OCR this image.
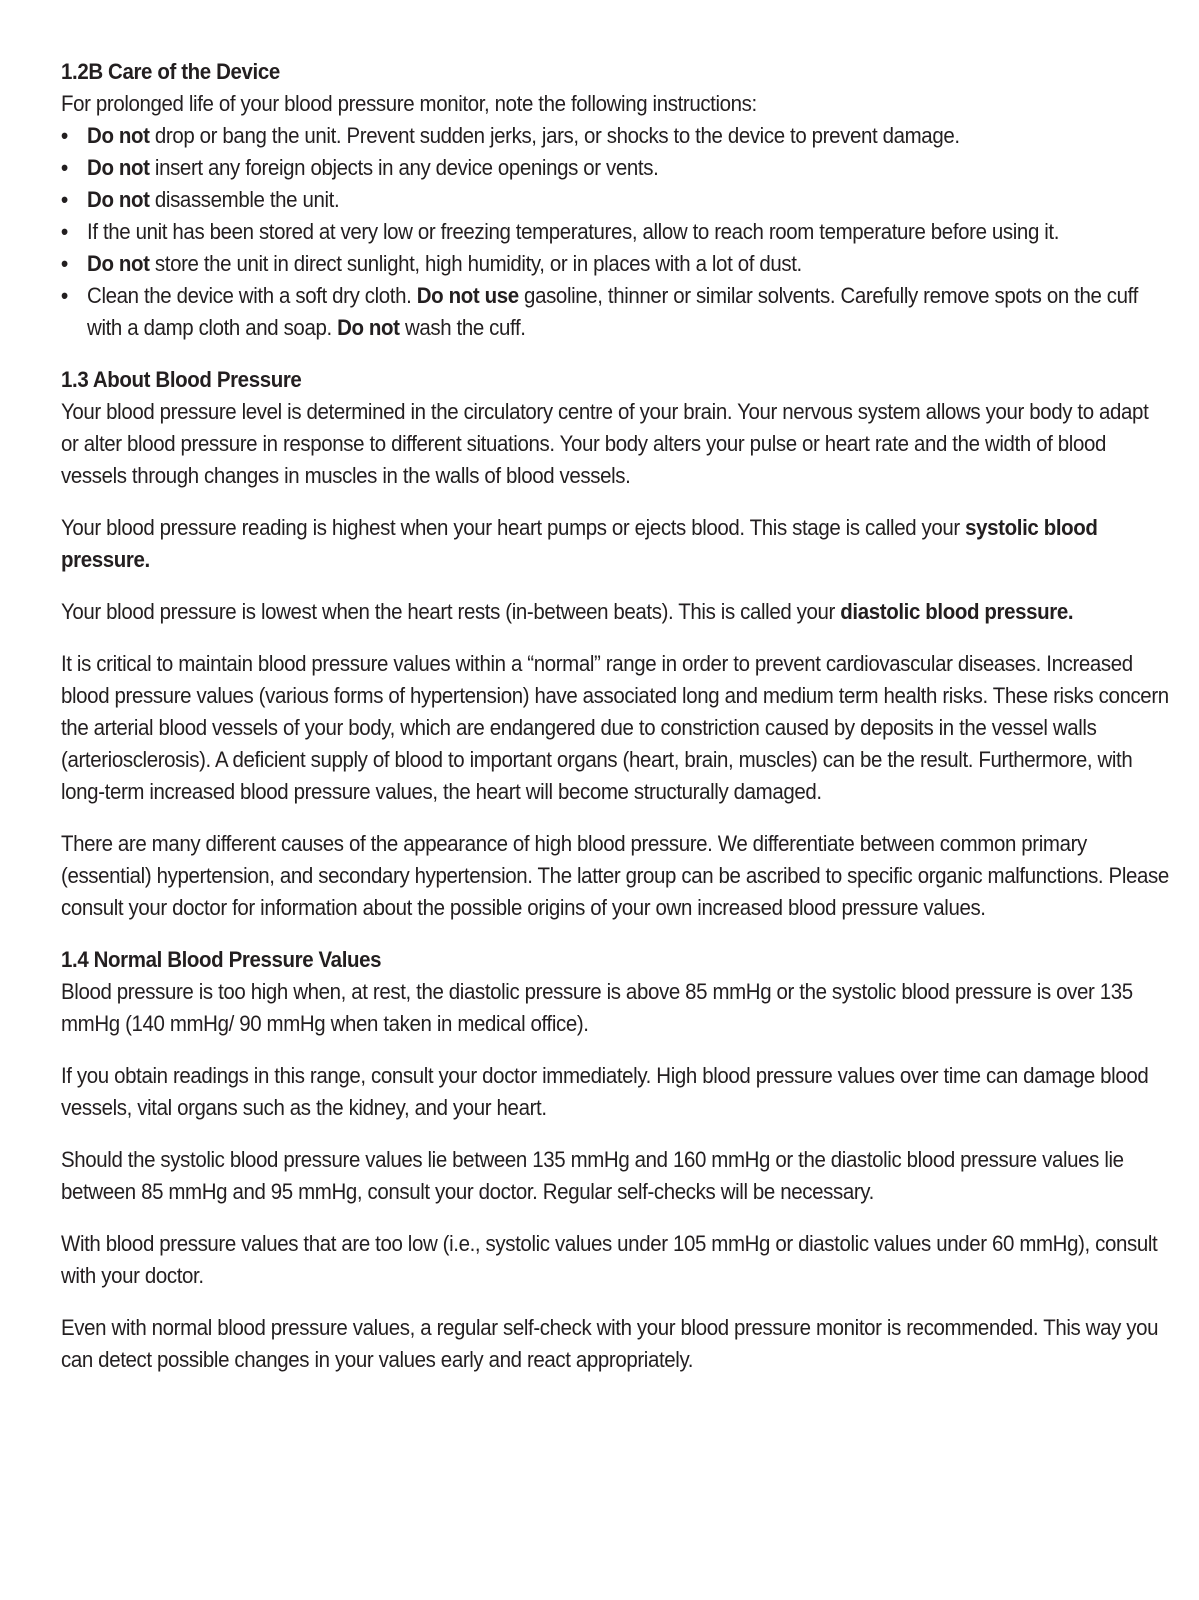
1.2B Care of the Device

For prolonged life of your blood pressure monitor, note the following instructions:

• Do not drop or bang the unit. Prevent sudden jerks, jars, or shocks to the device to prevent damage.
• Do not insert any foreign objects in any device openings or vents.
• Do not disassemble the unit.
• If the unit has been stored at very low or freezing temperatures, allow to reach room temperature before using it.
• Do not store the unit in direct sunlight, high humidity, or in places with a lot of dust.
• Clean the device with a soft dry cloth. Do not use gasoline, thinner or similar solvents. Carefully remove spots on the cuff with a damp cloth and soap. Do not wash the cuff.
1.3 About Blood Pressure

Your blood pressure level is determined in the circulatory centre of your brain. Your nervous system allows your body to adapt or alter blood pressure in response to different situations. Your body alters your pulse or heart rate and the width of blood vessels through changes in muscles in the walls of blood vessels.

Your blood pressure reading is highest when your heart pumps or ejects blood. This stage is called your systolic blood pressure.

Your blood pressure is lowest when the heart rests (in-between beats). This is called your diastolic blood pressure.

It is critical to maintain blood pressure values within a “normal” range in order to prevent cardiovascular diseases. Increased blood pressure values (various forms of hypertension) have associated long and medium term health risks. These risks concern the arterial blood vessels of your body, which are endangered due to constriction caused by deposits in the vessel walls (arteriosclerosis). A deficient supply of blood to important organs (heart, brain, muscles) can be the result. Furthermore, with long-term increased blood pressure values, the heart will become structurally damaged.

There are many different causes of the appearance of high blood pressure. We differentiate between common primary (essential) hypertension, and secondary hypertension. The latter group can be ascribed to specific organic malfunctions. Please consult your doctor for information about the possible origins of your own increased blood pressure values.

1.4 Normal Blood Pressure Values

Blood pressure is too high when, at rest, the diastolic pressure is above 85 mmHg or the systolic blood pressure is over 135 mmHg (140 mmHg/ 90 mmHg when taken in medical office).

If you obtain readings in this range, consult your doctor immediately. High blood pressure values over time can damage blood vessels, vital organs such as the kidney, and your heart.

Should the systolic blood pressure values lie between 135 mmHg and 160 mmHg or the diastolic blood pressure values lie between 85 mmHg and 95 mmHg, consult your doctor. Regular self-checks will be necessary.

With blood pressure values that are too low (i.e., systolic values under 105 mmHg or diastolic values under 60 mmHg), consult with your doctor.

Even with normal blood pressure values, a regular self-check with your blood pressure monitor is recommended. This way you can detect possible changes in your values early and react appropriately.
